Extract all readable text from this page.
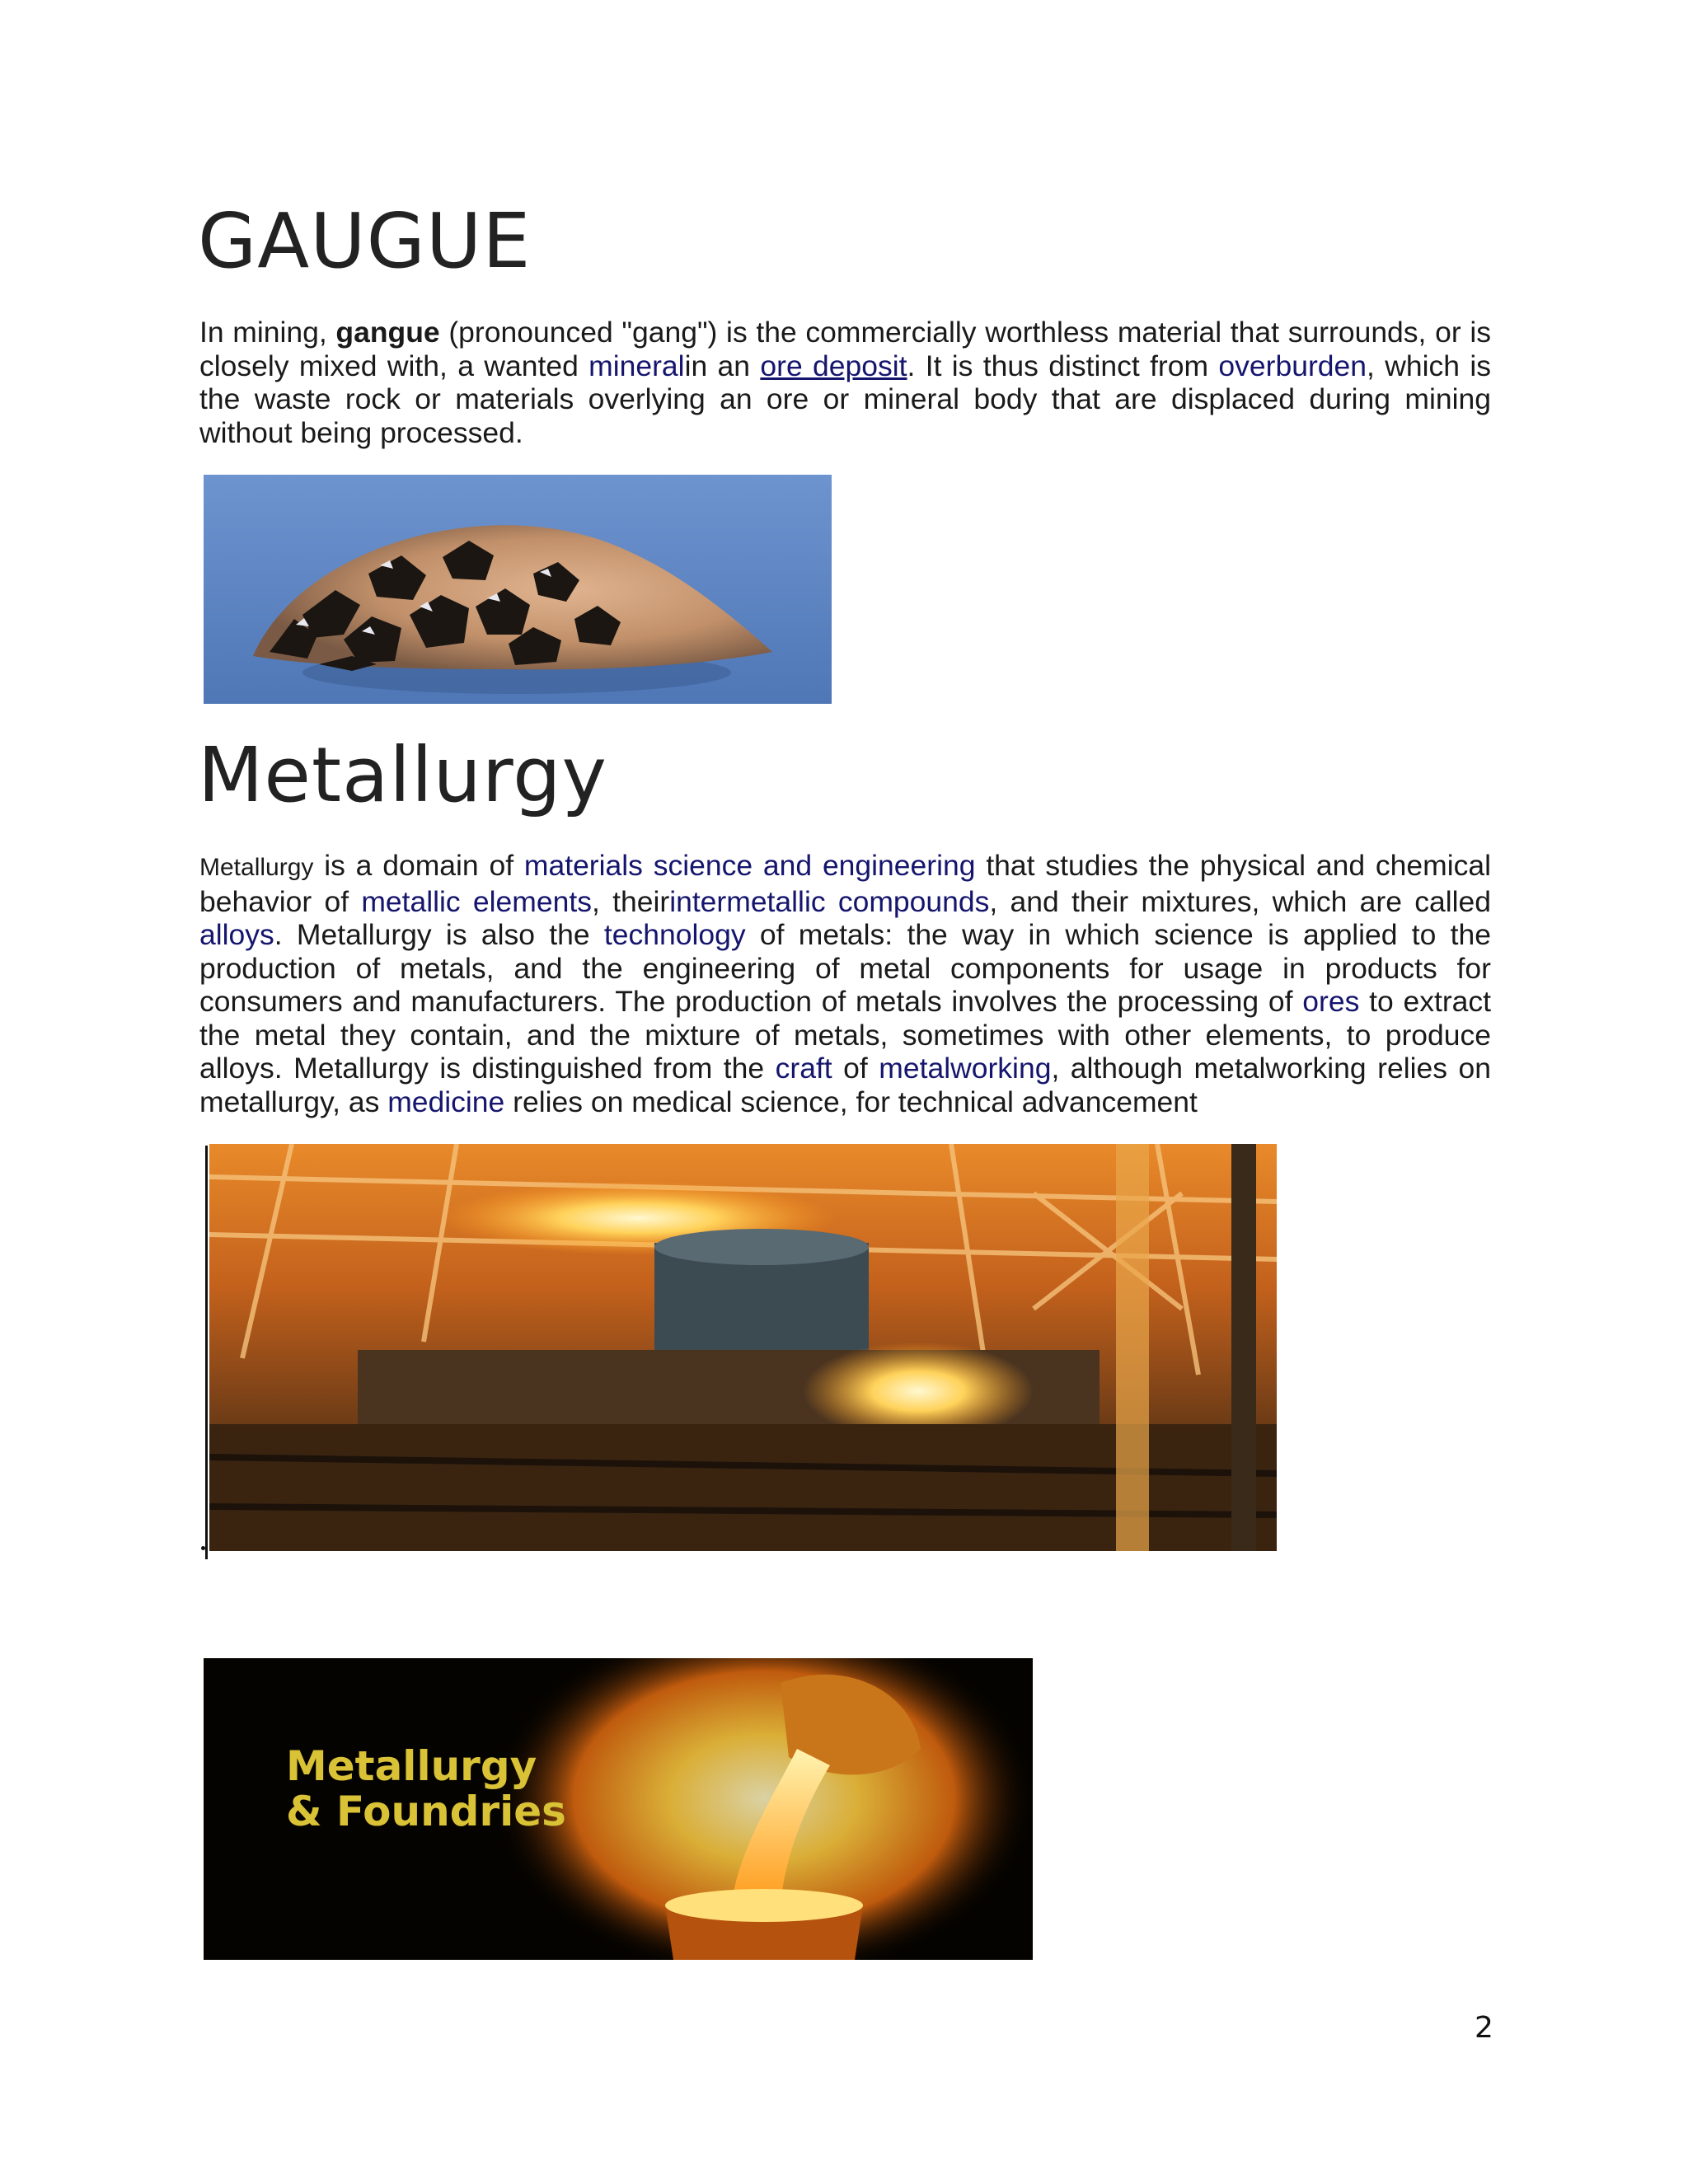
GAUGUE

In mining, gangue (pronounced "gang") is the commercially worthless material that surrounds, or is closely mixed with, a wanted mineralin an ore deposit. It is thus distinct from overburden, which is the waste rock or materials overlying an ore or mineral body that are displaced during mining without being processed.

Metallurgy

Metallurgy is a domain of materials science and engineering that studies the physical and chemical behavior of metallic elements, theirintermetallic compounds, and their mixtures, which are called alloys. Metallurgy is also the technology of metals: the way in which science is applied to the production of metals, and the engineering of metal components for usage in products for consumers and manufacturers. The production of metals involves the processing of ores to extract the metal they contain, and the mixture of metals, sometimes with other elements, to produce alloys. Metallurgy is distinguished from the craft of metalworking, although metalworking relies on metallurgy, as medicine relies on medical science, for technical advancement

Metallurgy
& Foundries
2
